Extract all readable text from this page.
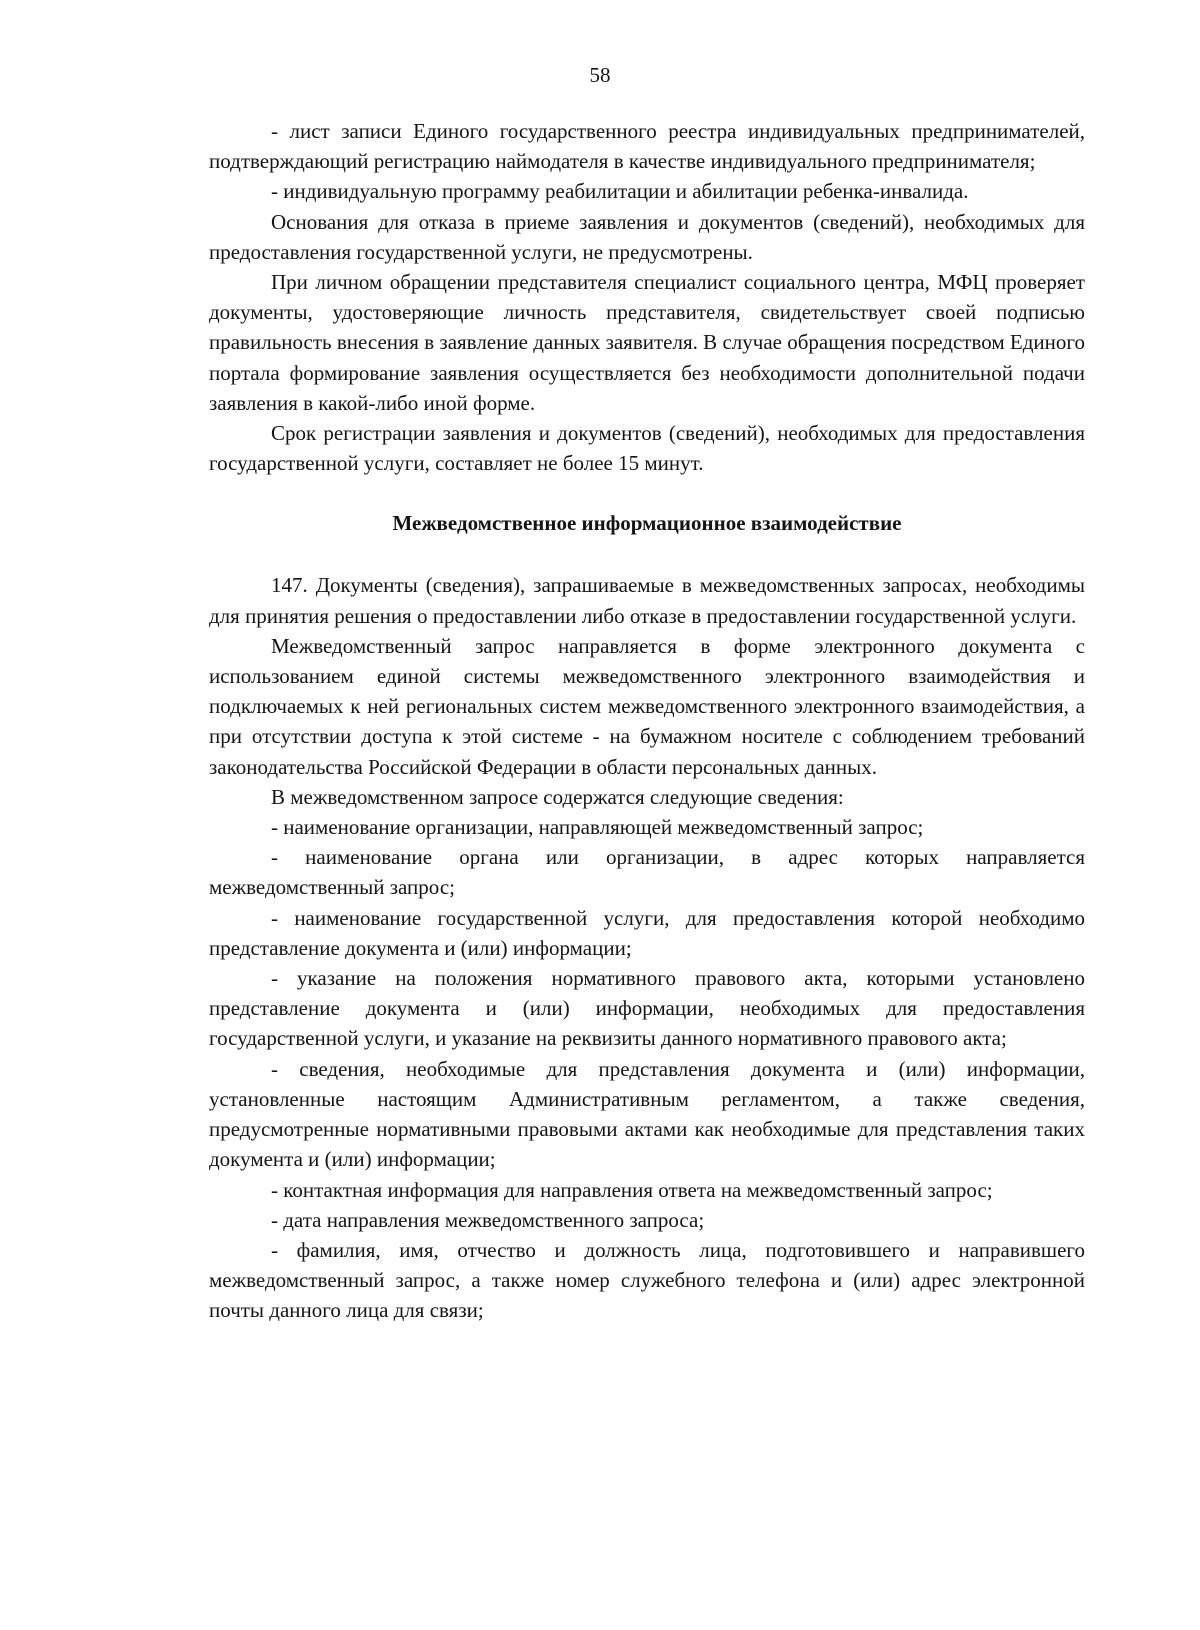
58

- лист записи Единого государственного реестра индивидуальных предпринимателей, подтверждающий регистрацию наймодателя в качестве индивидуального предпринимателя;

- индивидуальную программу реабилитации и абилитации ребенка-инвалида.

Основания для отказа в приеме заявления и документов (сведений), необходимых для предоставления государственной услуги, не предусмотрены.

При личном обращении представителя специалист социального центра, МФЦ проверяет документы, удостоверяющие личность представителя, свидетельствует своей подписью правильность внесения в заявление данных заявителя. В случае обращения посредством Единого портала формирование заявления осуществляется без необходимости дополнительной подачи заявления в какой-либо иной форме.

Срок регистрации заявления и документов (сведений), необходимых для предоставления государственной услуги, составляет не более 15 минут.

Межведомственное информационное взаимодействие

147. Документы (сведения), запрашиваемые в межведомственных запросах, необходимы для принятия решения о предоставлении либо отказе в предоставлении государственной услуги.

Межведомственный запрос направляется в форме электронного документа с использованием единой системы межведомственного электронного взаимодействия и подключаемых к ней региональных систем межведомственного электронного взаимодействия, а при отсутствии доступа к этой системе - на бумажном носителе с соблюдением требований законодательства Российской Федерации в области персональных данных.

В межведомственном запросе содержатся следующие сведения:

- наименование организации, направляющей межведомственный запрос;

- наименование органа или организации, в адрес которых направляется межведомственный запрос;

- наименование государственной услуги, для предоставления которой необходимо представление документа и (или) информации;

- указание на положения нормативного правового акта, которыми установлено представление документа и (или) информации, необходимых для предоставления государственной услуги, и указание на реквизиты данного нормативного правового акта;

- сведения, необходимые для представления документа и (или) информации, установленные настоящим Административным регламентом, а также сведения, предусмотренные нормативными правовыми актами как необходимые для представления таких документа и (или) информации;

- контактная информация для направления ответа на межведомственный запрос;

- дата направления межведомственного запроса;

- фамилия, имя, отчество и должность лица, подготовившего и направившего межведомственный запрос, а также номер служебного телефона и (или) адрес электронной почты данного лица для связи;
